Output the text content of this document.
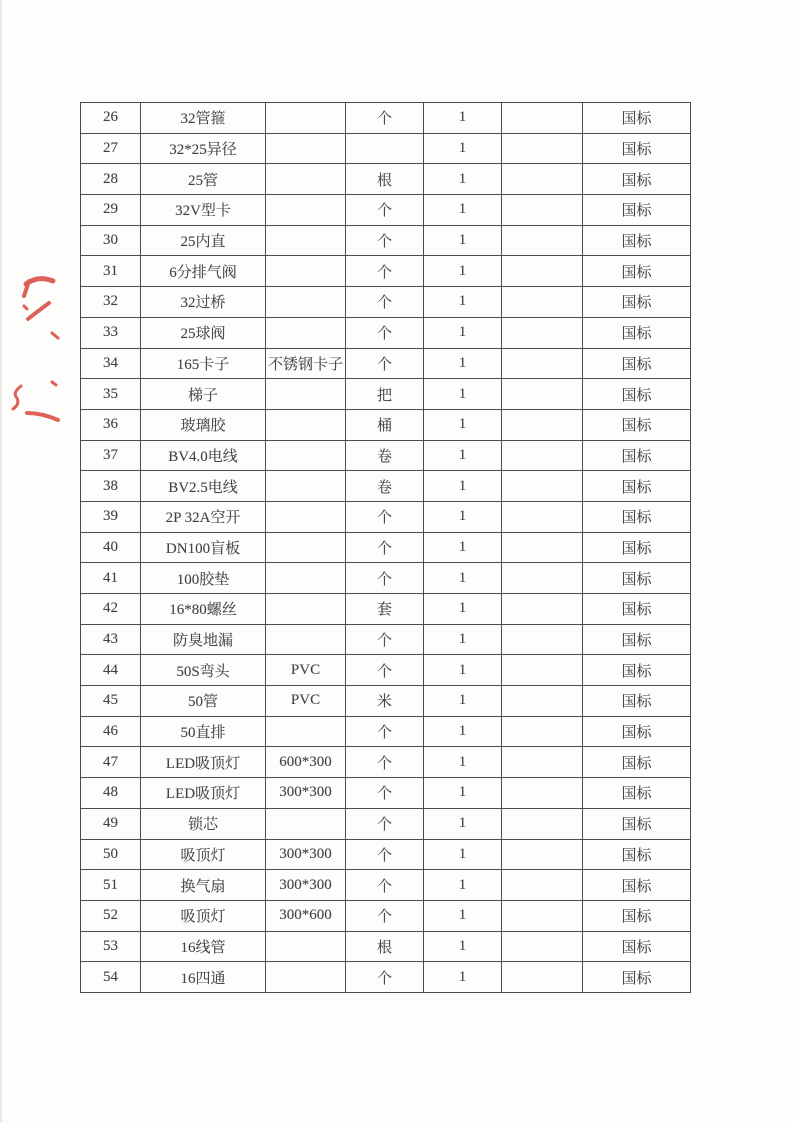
26	32管箍		个	1		国标
27	32*25异径			1		国标
28	25管		根	1		国标
29	32V型卡		个	1		国标
30	25内直		个	1		国标
31	6分排气阀		个	1		国标
32	32过桥		个	1		国标
33	25球阀		个	1		国标
34	165卡子	不锈钢卡子	个	1		国标
35	梯子		把	1		国标
36	玻璃胶		桶	1		国标
37	BV4.0电线		卷	1		国标
38	BV2.5电线		卷	1		国标
39	2P 32A空开		个	1		国标
40	DN100盲板		个	1		国标
41	100胶垫		个	1		国标
42	16*80螺丝		套	1		国标
43	防臭地漏		个	1		国标
44	50S弯头	PVC	个	1		国标
45	50管	PVC	米	1		国标
46	50直排		个	1		国标
47	LED吸顶灯	600*300	个	1		国标
48	LED吸顶灯	300*300	个	1		国标
49	锁芯		个	1		国标
50	吸顶灯	300*300	个	1		国标
51	换气扇	300*300	个	1		国标
52	吸顶灯	300*600	个	1		国标
53	16线管		根	1		国标
54	16四通		个	1		国标
